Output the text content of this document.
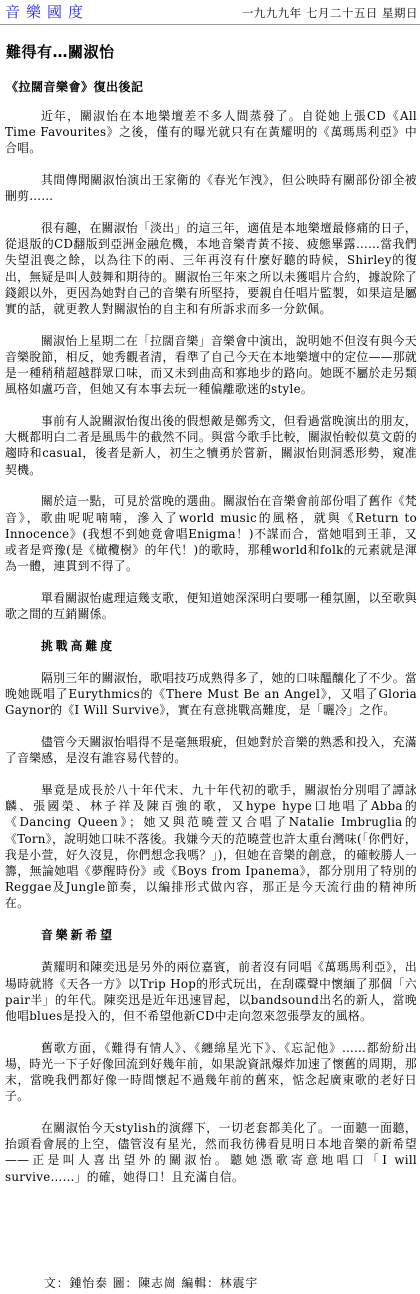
音樂國度	一九九九年 七月二十五日 星期日
難得有…關淑怡
《拉闊音樂會》復出後記

近年，關淑怡在本地樂壇差不多人間蒸發了。自從她上張CD《All Time Favourites》之後，僅有的曝光就只有在黃耀明的《萬瑪馬利亞》中合唱。

其間傳聞關淑怡演出王家衛的《春光乍洩》，但公映時有關部份卻全被刪剪……

很有趣，在關淑怡「淡出」的這三年，適值是本地樂壇最修痛的日子，從退版的CD翻版到亞洲金融危機，本地音樂青黃不接、疲態畢露……當我們失望沮喪之餘，以為往下的兩、三年再沒有什麼好聽的時候，Shirley的復出，無疑是叫人鼓舞和期待的。關淑怡三年來之所以未獲唱片合約，據說除了錢銀以外，更因為她對自己的音樂有所堅持，要親自任唱片監製，如果這是屬實的話，就更教人對關淑怡的自主和有所訴求而多一分欽佩。

關淑怡上星期二在「拉闊音樂」音樂會中演出，說明她不但沒有與今天音樂脫節，相反，她秀觀者清，看準了自己今天在本地樂壇中的定位——那就是一種稍稍超越群眾口味，而又未到曲高和寡地步的路向。她既不屬於走另類風格如盧巧音，但她又有本事去玩一種偏離歌迷的style。

事前有人說關淑怡復出後的假想敵是鄭秀文，但看過當晚演出的朋友，大概都明白二者是風馬牛的截然不同。與當今歌手比較，關淑怡較似莫文蔚的趨時和casual，後者是新人，初生之犢勇於嘗新，關淑怡則洞悉形勢，窺准契機。

關於這一點，可見於當晚的選曲。關淑怡在音樂會前部份唱了舊作《梵音》，歌曲呢呢喃喃，滲入了world music的風格，就與《Return to Innocence》(我想不到她竟會唱Enigma！)不謀而合，當她唱到王菲，又或者是齊豫(是《橄欖樹》的年代！)的歌時，那種world和folk的元素就是渾為一體，連貫到不得了。

單看關淑怡處理這幾支歌，便知道她深深明白要哪一種氛圍，以至歌與歌之間的互銷關係。

挑戰高難度

隔別三年的關淑怡，歌唱技巧成熟得多了，她的口味醞釀化了不少。當晚她既唱了Eurythmics的《There Must Be an Angel》，又唱了Gloria Gaynor的《I Will Survive》，實在有意挑戰高難度，是「曬冷」之作。

儘管今天關淑怡唱得不是毫無瑕疵，但她對於音樂的熟悉和投入，充滿了音樂感，是沒有誰容易代替的。

畢竟是成長於八十年代末、九十年代初的歌手，關淑怡分別唱了譚詠麟、張國榮、林子祥及陳百強的歌，又hype hype口地唱了Abba的《Dancing Queen》；她又與范曉萱又合唱了Natalie Imbruglia的《Torn》，說明她口味不落後。我嫌今天的范曉萱也許太重台灣味(「你們好，我是小萱，好久沒見，你們想念我嗎？」)，但她在音樂的創意，的確較勝人一籌，無論她唱《夢醒時份》或《Boys from Ipanema》，都分別用了特別的Reggae及Jungle節奏，以編排形式做內容，那正是今天流行曲的精神所在。

音樂新希望

黃耀明和陳奕迅是另外的兩位嘉賓，前者沒有同唱《萬瑪馬利亞》，出場時就將《天各一方》以Trip Hop的形式玩出，在刮碟聲中懷緬了那個「六pair半」的年代。陳奕迅是近年迅速冒起，以bandsound出名的新人，當晚他唱blues是投入的，但不希望他新CD中走向忽來忽張學友的風格。

舊歌方面，《難得有情人》、《纏綿星光下》、《忘記他》……都紛紛出場，時光一下子好像回流到好幾年前，如果說資訊爆炸加速了懷舊的周期，那末，當晚我們都好像一時間懷起不過幾年前的舊來，惦念起廣東歌的老好日子。

在關淑怡今天stylish的演繹下，一切老套都美化了。一面聽一面聽，抬頭看會展的上空，儘管沒有星光，然而我彷彿看見明日本地音樂的新希望——正是叫人喜出望外的關淑怡。聽她憑歌寄意地唱口「I will survive……」的確，她得口！且充滿自信。

文：鍾怡泰 圖：陳志崗 編輯：林震宇
